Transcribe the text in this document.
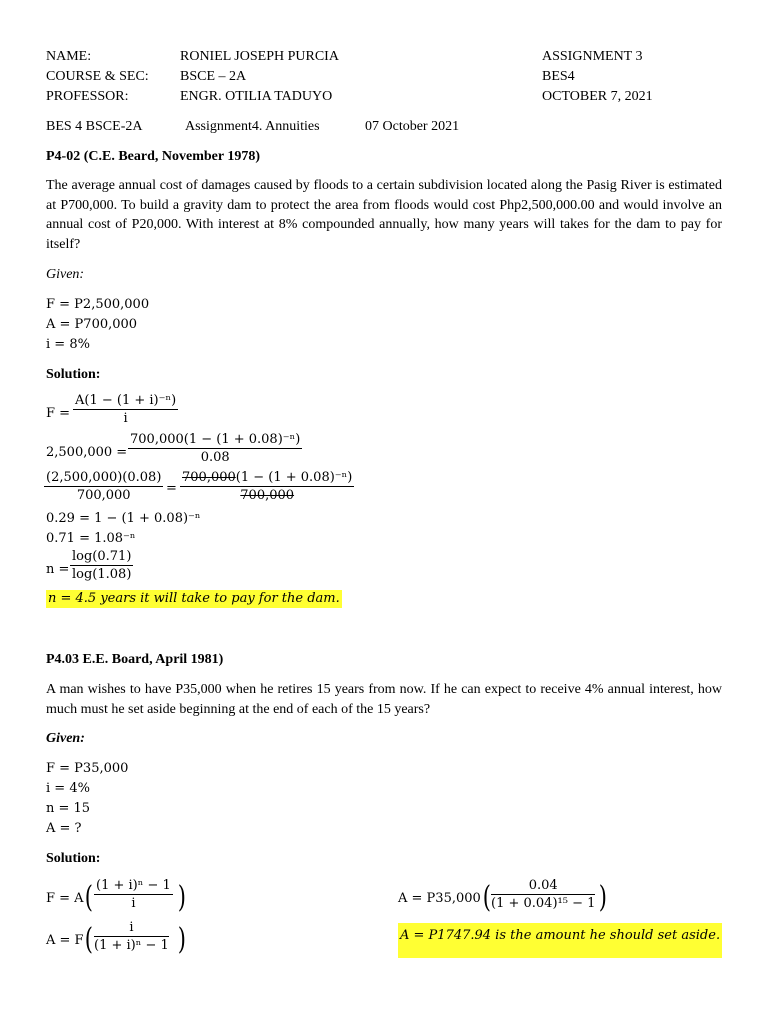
NAME:	RONIEL JOSEPH PURCIA	ASSIGNMENT 3
COURSE & SEC: BSCE – 2A	BES4
PROFESSOR:	ENGR. OTILIA TADUYO	OCTOBER 7, 2021
BES 4 BSCE-2A	Assignment4. Annuities	07 October 2021
P4-02 (C.E. Beard, November 1978)
The average annual cost of damages caused by floods to a certain subdivision located along the Pasig River is estimated at P700,000. To build a gravity dam to protect the area from floods would cost Php2,500,000.00 and would involve an annual cost of P20,000. With interest at 8% compounded annually, how many years will takes for the dam to pay for itself?
Given:
F = P2,500,000
A = P700,000
i = 8%
Solution:
$F = \frac{\text{A(1 − (1 + i)⁻ⁿ)}}{i}$
$2,500,000 = \frac{\text{700,000(1 − (1 + 0.08)⁻ⁿ)}}{0.08}$
$\frac{(2,500,000)(0.08)}{700,000} = \frac{\text{700,000(1 − (1 + 0.08)⁻ⁿ)}}{700,000}$
0.29 = 1 − (1 + 0.08)⁻ⁿ
0.71 = 1.08⁻ⁿ
$n = \frac{\log(0.71)}{\log(1.08)}$
n = 4.5 years it will take to pay for the dam.
P4.03 E.E. Board, April 1981)
A man wishes to have P35,000 when he retires 15 years from now. If he can expect to receive 4% annual interest, how much must he set aside beginning at the end of each of the 15 years?
Given:
F = P35,000
i = 4%
n = 15
A = ?
Solution:
F = A ( $\frac{\text{(1 + i)ⁿ − 1}}{i}$ )
A = F ( $\frac{i}{\text{(1 + i)ⁿ − 1}}$ )
A = P35,000 ( $\frac{0.04}{\text{(1 + 0.04)¹⁵ − 1}}$ )
A = P1747.94 is the amount he should set aside.
